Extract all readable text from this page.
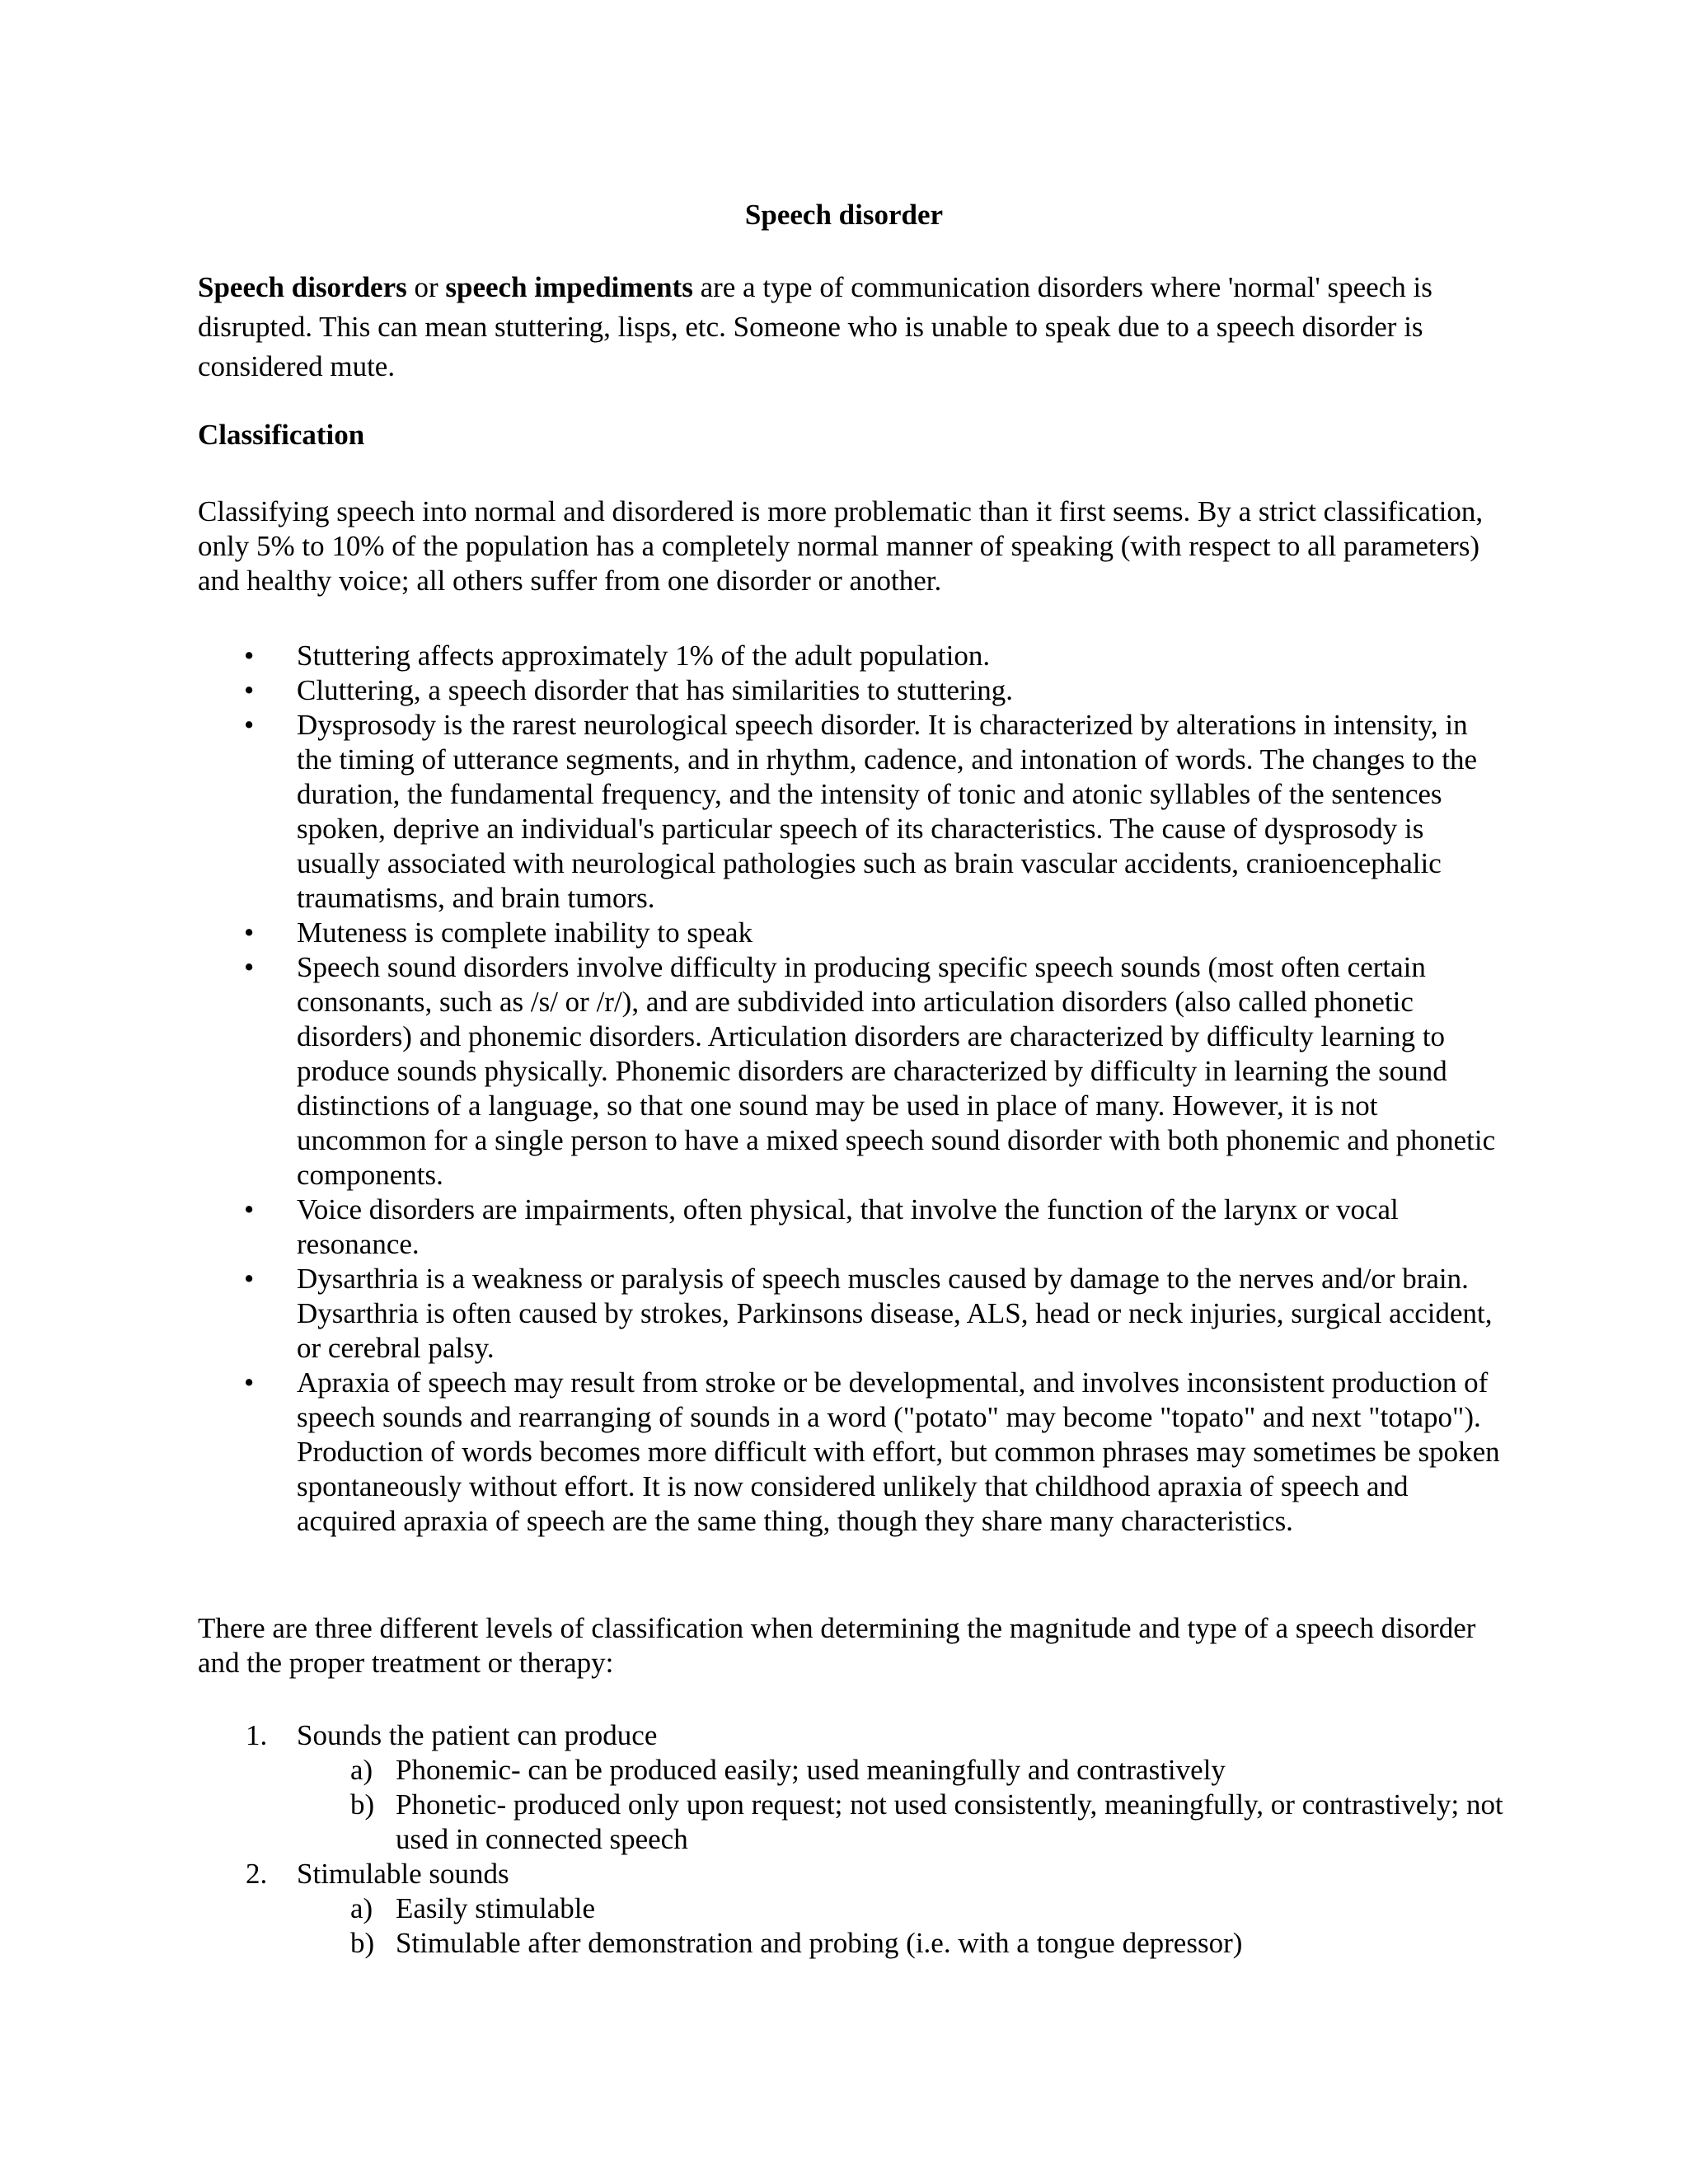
Speech disorder
Speech disorders or speech impediments are a type of communication disorders where 'normal' speech is disrupted. This can mean stuttering, lisps, etc. Someone who is unable to speak due to a speech disorder is considered mute.
Classification
Classifying speech into normal and disordered is more problematic than it first seems. By a strict classification, only 5% to 10% of the population has a completely normal manner of speaking (with respect to all parameters) and healthy voice; all others suffer from one disorder or another.
• Stuttering affects approximately 1% of the adult population.
• Cluttering, a speech disorder that has similarities to stuttering.
• Dysprosody is the rarest neurological speech disorder. It is characterized by alterations in intensity, in the timing of utterance segments, and in rhythm, cadence, and intonation of words. The changes to the duration, the fundamental frequency, and the intensity of tonic and atonic syllables of the sentences spoken, deprive an individual's particular speech of its characteristics. The cause of dysprosody is usually associated with neurological pathologies such as brain vascular accidents, cranioencephalic traumatisms, and brain tumors.
• Muteness is complete inability to speak
• Speech sound disorders involve difficulty in producing specific speech sounds (most often certain consonants, such as /s/ or /r/), and are subdivided into articulation disorders (also called phonetic disorders) and phonemic disorders. Articulation disorders are characterized by difficulty learning to produce sounds physically. Phonemic disorders are characterized by difficulty in learning the sound distinctions of a language, so that one sound may be used in place of many. However, it is not uncommon for a single person to have a mixed speech sound disorder with both phonemic and phonetic components.
• Voice disorders are impairments, often physical, that involve the function of the larynx or vocal resonance.
• Dysarthria is a weakness or paralysis of speech muscles caused by damage to the nerves and/or brain. Dysarthria is often caused by strokes, Parkinsons disease, ALS, head or neck injuries, surgical accident, or cerebral palsy.
• Apraxia of speech may result from stroke or be developmental, and involves inconsistent production of speech sounds and rearranging of sounds in a word ("potato" may become "topato" and next "totapo"). Production of words becomes more difficult with effort, but common phrases may sometimes be spoken spontaneously without effort. It is now considered unlikely that childhood apraxia of speech and acquired apraxia of speech are the same thing, though they share many characteristics.
There are three different levels of classification when determining the magnitude and type of a speech disorder and the proper treatment or therapy:
1. Sounds the patient can produce
a) Phonemic- can be produced easily; used meaningfully and contrastively
b) Phonetic- produced only upon request; not used consistently, meaningfully, or contrastively; not used in connected speech
2. Stimulable sounds
a) Easily stimulable
b) Stimulable after demonstration and probing (i.e. with a tongue depressor)
